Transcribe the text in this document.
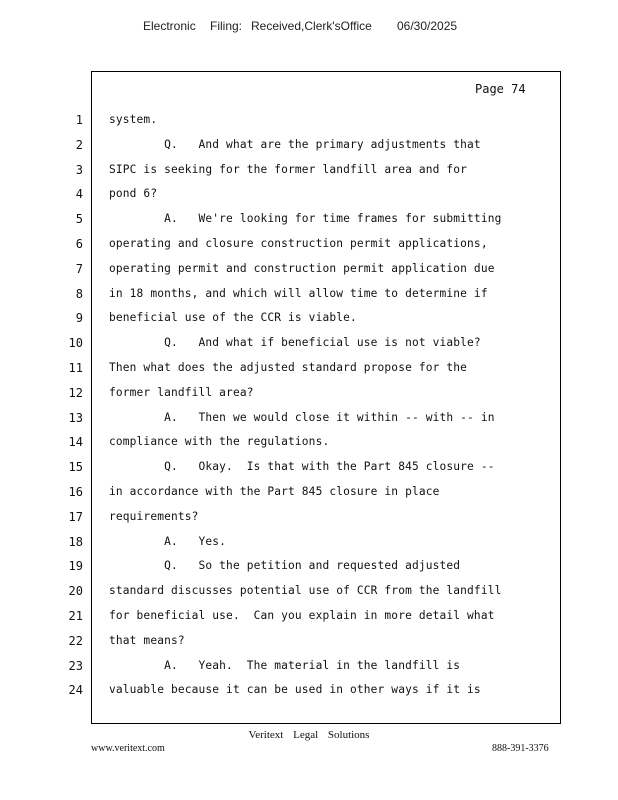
Electronic Filing: Received,Clerk'sOffice 06/30/2025
Page 74
1
2
3
4
5
6
7
8
9
10
11
12
13
14
15
16
17
18
19
20
21
22
23
24
system.
Q.   And what are the primary adjustments that
SIPC is seeking for the former landfill area and for
pond 6?
A.   We're looking for time frames for submitting
operating and closure construction permit applications,
operating permit and construction permit application due
in 18 months, and which will allow time to determine if
beneficial use of the CCR is viable.
Q.   And what if beneficial use is not viable?
Then what does the adjusted standard propose for the
former landfill area?
A.   Then we would close it within -- with -- in
compliance with the regulations.
Q.   Okay.  Is that with the Part 845 closure --
in accordance with the Part 845 closure in place
requirements?
A.   Yes.
Q.   So the petition and requested adjusted
standard discusses potential use of CCR from the landfill
for beneficial use.  Can you explain in more detail what
that means?
A.   Yeah.  The material in the landfill is
valuable because it can be used in other ways if it is
Veritext Legal Solutions
www.veritext.com	888-391-3376
